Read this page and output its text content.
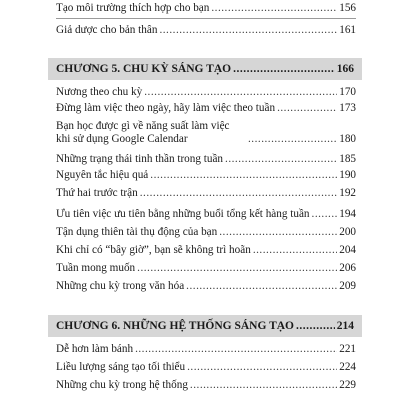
Tạo môi trường thích hợp cho bạn .....	156
Giả dược cho bản thân .....	161
CHƯƠNG 5. CHU KỲ SÁNG TẠO .....	166
Nương theo chu kỳ .....	170
Đừng làm việc theo ngày, hãy làm việc theo tuần .....	173
Bạn học được gì về năng suất làm việc khi sử dụng Google Calendar .....	180
Những trạng thái tinh thần trong tuần .....	185
Nguyên tắc hiệu quả .....	190
Thứ hai trước trận .....	192
Ưu tiên việc ưu tiên bằng những buổi tổng kết hàng tuần .....	194
Tận dụng thiên tài thụ động của bạn .....	200
Khi chỉ có “bây giờ”, bạn sẽ không trì hoãn .....	204
Tuần mong muốn .....	206
Những chu kỳ trong văn hóa .....	209
CHƯƠNG 6. NHỮNG HỆ THỐNG SÁNG TẠO .....	214
Dễ hơn làm bánh .....	221
Liều lượng sáng tạo tối thiểu .....	224
Những chu kỳ trong hệ thống .....	229
